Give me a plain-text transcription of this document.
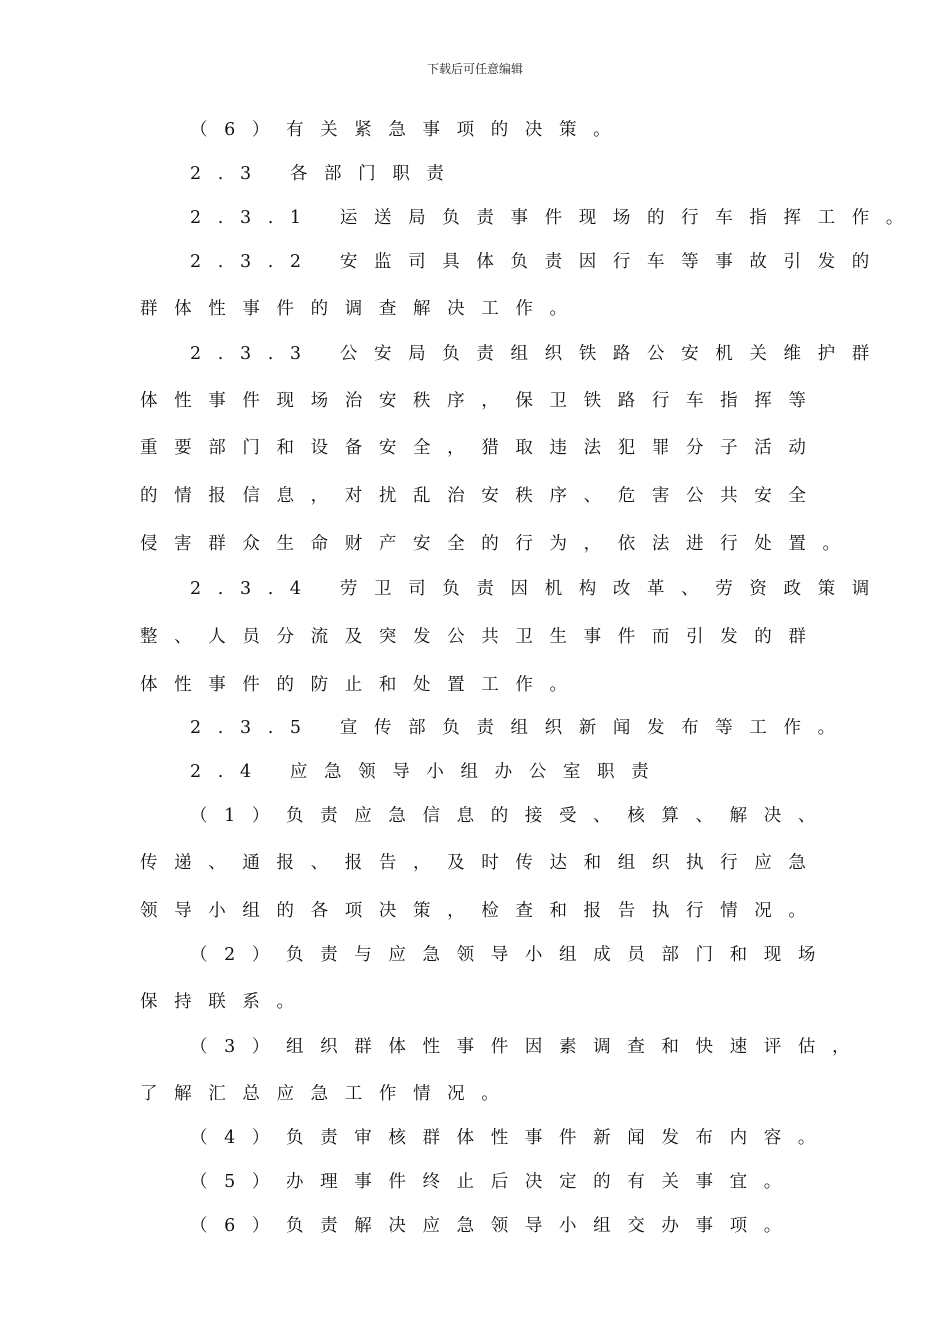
下载后可任意编辑
（6）有关紧急事项的决策。
2.3 各部门职责
2.3.1 运送局负责事件现场的行车指挥工作。
2.3.2 安监司具体负责因行车等事故引发的
群体性事件的调查解决工作。
2.3.3 公安局负责组织铁路公安机关维护群
体性事件现场治安秩序，保卫铁路行车指挥等
重要部门和设备安全，猎取违法犯罪分子活动
的情报信息，对扰乱治安秩序、危害公共安全
侵害群众生命财产安全的行为，依法进行处置。
2.3.4 劳卫司负责因机构改革、劳资政策调
整、人员分流及突发公共卫生事件而引发的群
体性事件的防止和处置工作。
2.3.5 宣传部负责组织新闻发布等工作。
2.4 应急领导小组办公室职责
（1）负责应急信息的接受、核算、解决、
传递、通报、报告，及时传达和组织执行应急
领导小组的各项决策，检查和报告执行情况。
（2）负责与应急领导小组成员部门和现场
保持联系。
（3）组织群体性事件因素调查和快速评估，
了解汇总应急工作情况。
（4）负责审核群体性事件新闻发布内容。
（5）办理事件终止后决定的有关事宜。
（6）负责解决应急领导小组交办事项。
